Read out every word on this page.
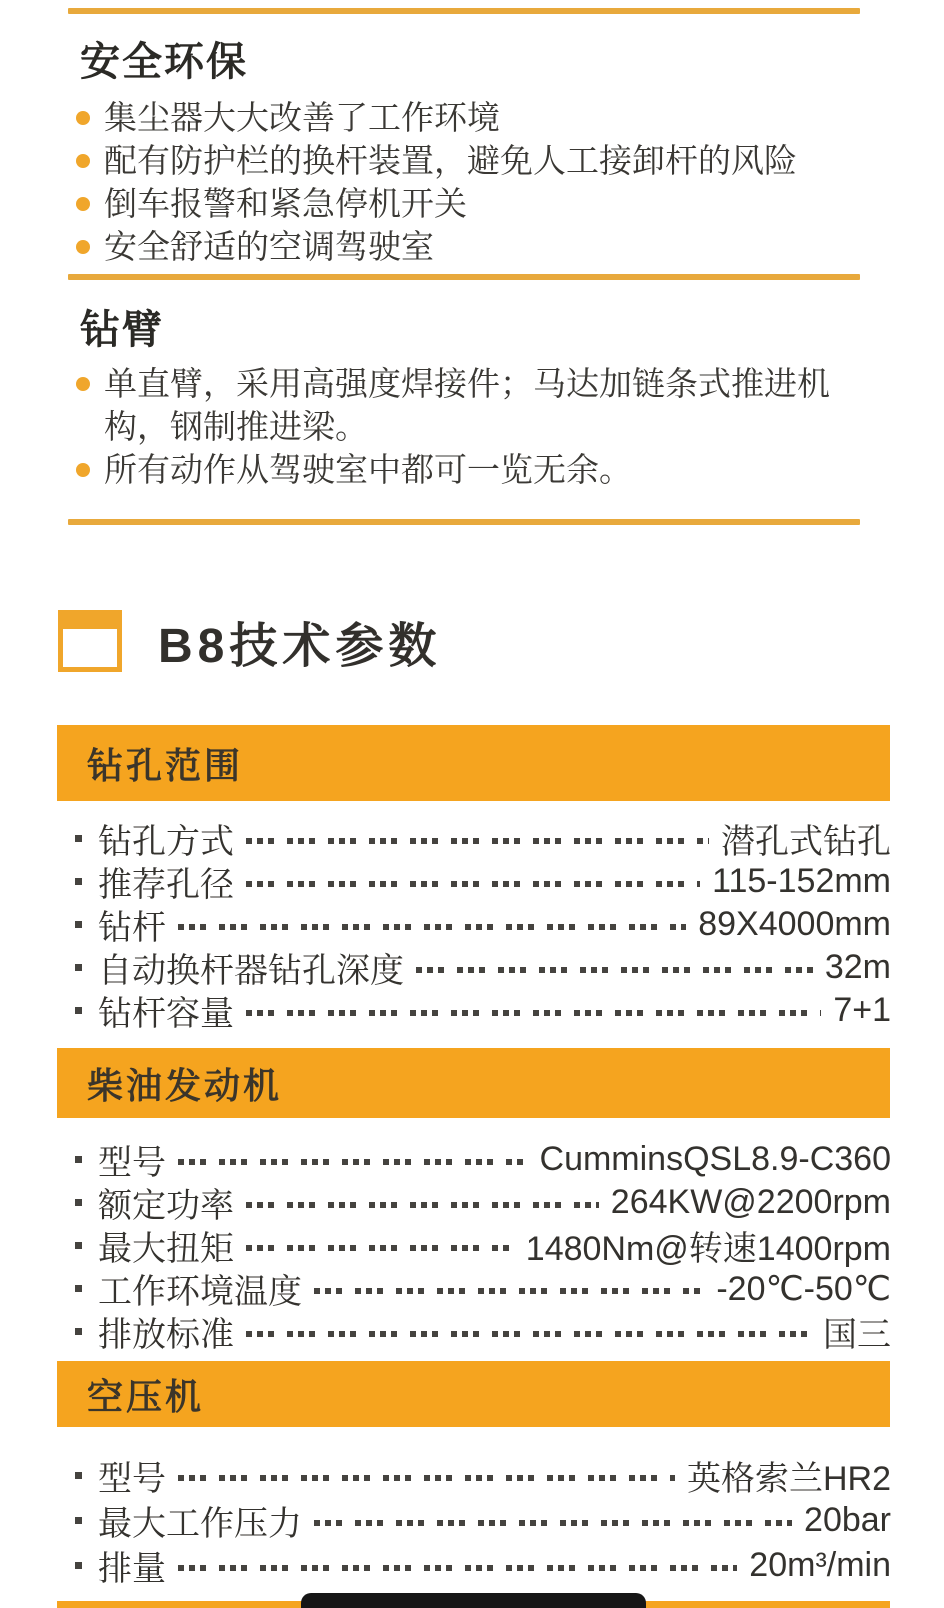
安全环保
集尘器大大改善了工作环境
配有防护栏的换杆装置，避免人工接卸杆的风险
倒车报警和紧急停机开关
安全舒适的空调驾驶室
钻臂
单直臂，采用高强度焊接件；马达加链条式推进机构，钢制推进梁。
所有动作从驾驶室中都可一览无余。
B8技术参数
钻孔范围
钻孔方式	潜孔式钻孔
推荐孔径	115-152mm
钻杆	89X4000mm
自动换杆器钻孔深度	32m
钻杆容量	7+1
柴油发动机
型号	CumminsQSL8.9-C360
额定功率	264KW@2200rpm
最大扭矩	1480Nm@转速1400rpm
工作环境温度	-20℃-50℃
排放标准	国三
空压机
型号	英格索兰HR2
最大工作压力	20bar
排量	20m³/min
